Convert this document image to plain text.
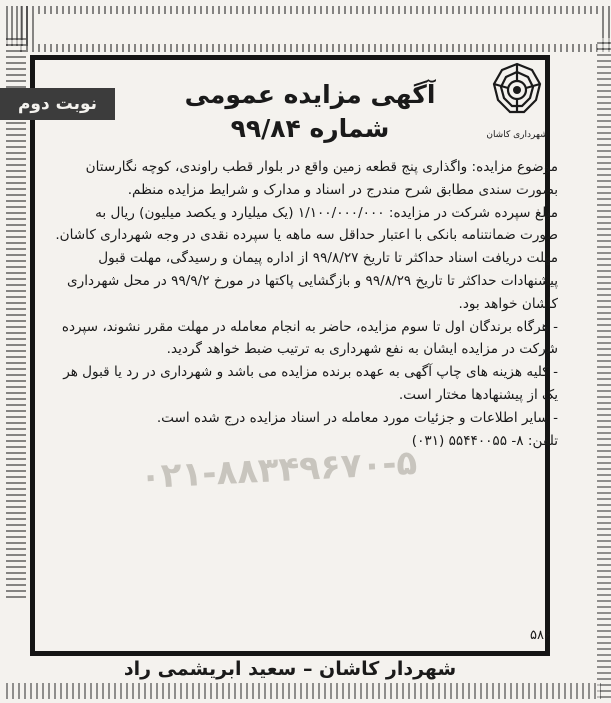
۰۲۱-۸۸۳۴۹۶۷۰-۵
شهرداری کاشان
آگهی مزایده عمومی
شماره ۹۹/۸۴
نوبت دوم

موضوع مزایده: واگذاری پنج قطعه زمین واقع در بلوار قطب راوندی، کوچه نگارستان بصورت سندی مطابق شرح مندرج در اسناد و مدارک و شرایط مزایده منظم.

مبلغ سپرده شرکت در مزایده: ۱/۱۰۰/۰۰۰/۰۰۰ (یک میلیارد و یکصد میلیون) ریال به صورت ضمانتنامه بانکی با اعتبار حداقل سه ماهه یا سپرده نقدی در وجه شهرداری کاشان.

مهلت دریافت اسناد حداکثر تا تاریخ ۹۹/۸/۲۷ از اداره پیمان و رسیدگی، مهلت قبول پیشنهادات حداکثر تا تاریخ ۹۹/۸/۲۹ و بازگشایی پاکتها در مورخ ۹۹/۹/۲ در محل شهرداری کاشان خواهد بود.

- هرگاه برندگان اول تا سوم مزایده، حاضر به انجام معامله در مهلت مقرر نشوند، سپرده شرکت در مزایده ایشان به نفع شهرداری به ترتیب ضبط خواهد گردید.

- کلیه هزینه های چاپ آگهی به عهده برنده مزایده می باشد و شهرداری در رد یا قبول هر یک از پیشنهادها مختار است.

- سایر اطلاعات و جزئیات مورد معامله در اسناد مزایده درج شده است.

تلفن: (۰۳۱) ۵۵۴۴۰۰۵۵ -۸

۵۸۶
شهردار کاشان – سعید ابریشمی راد
